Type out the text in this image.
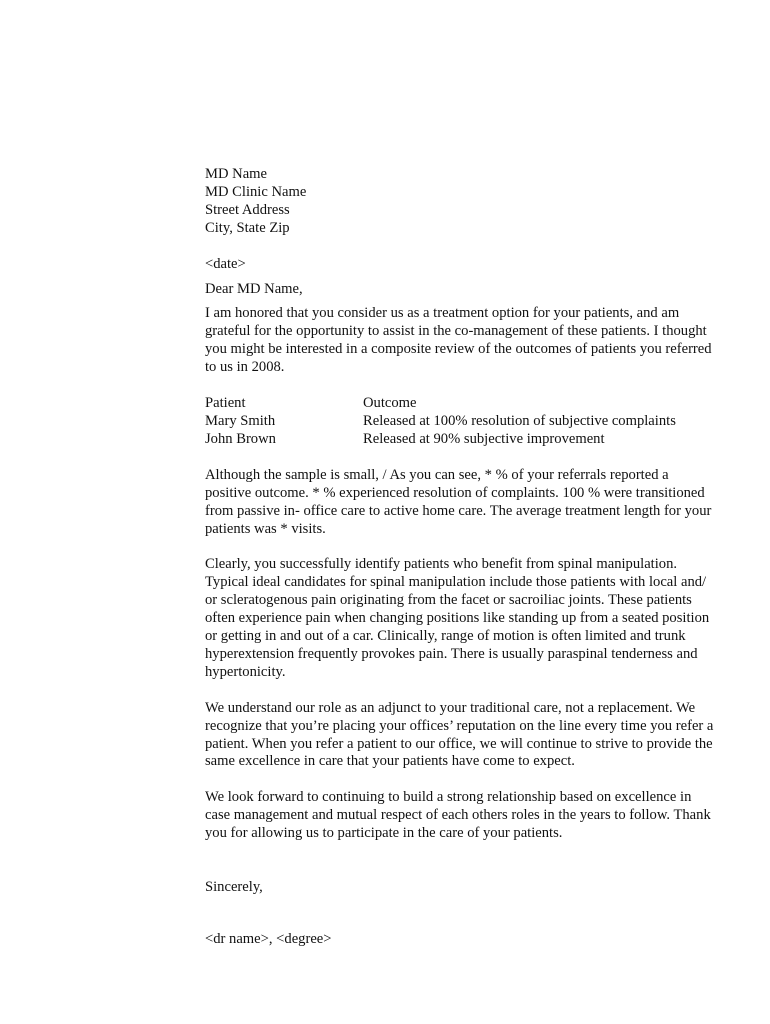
MD Name
MD Clinic Name
Street Address
City, State Zip
<date>
Dear MD Name,
I am honored that you consider us as a treatment option for your patients, and am
grateful for the opportunity to assist in the co-management of these patients. I thought
you might be interested in a composite review of the outcomes of patients you referred
to us in 2008.
Patient	Outcome
Mary Smith	Released at 100% resolution of subjective complaints
John Brown	Released at 90% subjective improvement
Although the sample is small, / As you can see, * % of your referrals reported a
positive outcome. * % experienced resolution of complaints. 100 % were transitioned
from passive in- office care to active home care. The average treatment length for your
patients was * visits.
Clearly, you successfully identify patients who benefit from spinal manipulation.
Typical ideal candidates for spinal manipulation include those patients with local and/
or scleratogenous pain originating from the facet or sacroiliac joints. These patients
often experience pain when changing positions like standing up from a seated position
or getting in and out of a car. Clinically, range of motion is often limited and trunk
hyperextension frequently provokes pain. There is usually paraspinal tenderness and
hypertonicity.
We understand our role as an adjunct to your traditional care, not a replacement. We
recognize that you’re placing your offices’ reputation on the line every time you refer a
patient. When you refer a patient to our office, we will continue to strive to provide the
same excellence in care that your patients have come to expect.
We look forward to continuing to build a strong relationship based on excellence in
case management and mutual respect of each others roles in the years to follow. Thank
you for allowing us to participate in the care of your patients.
Sincerely,
<dr name>, <degree>
